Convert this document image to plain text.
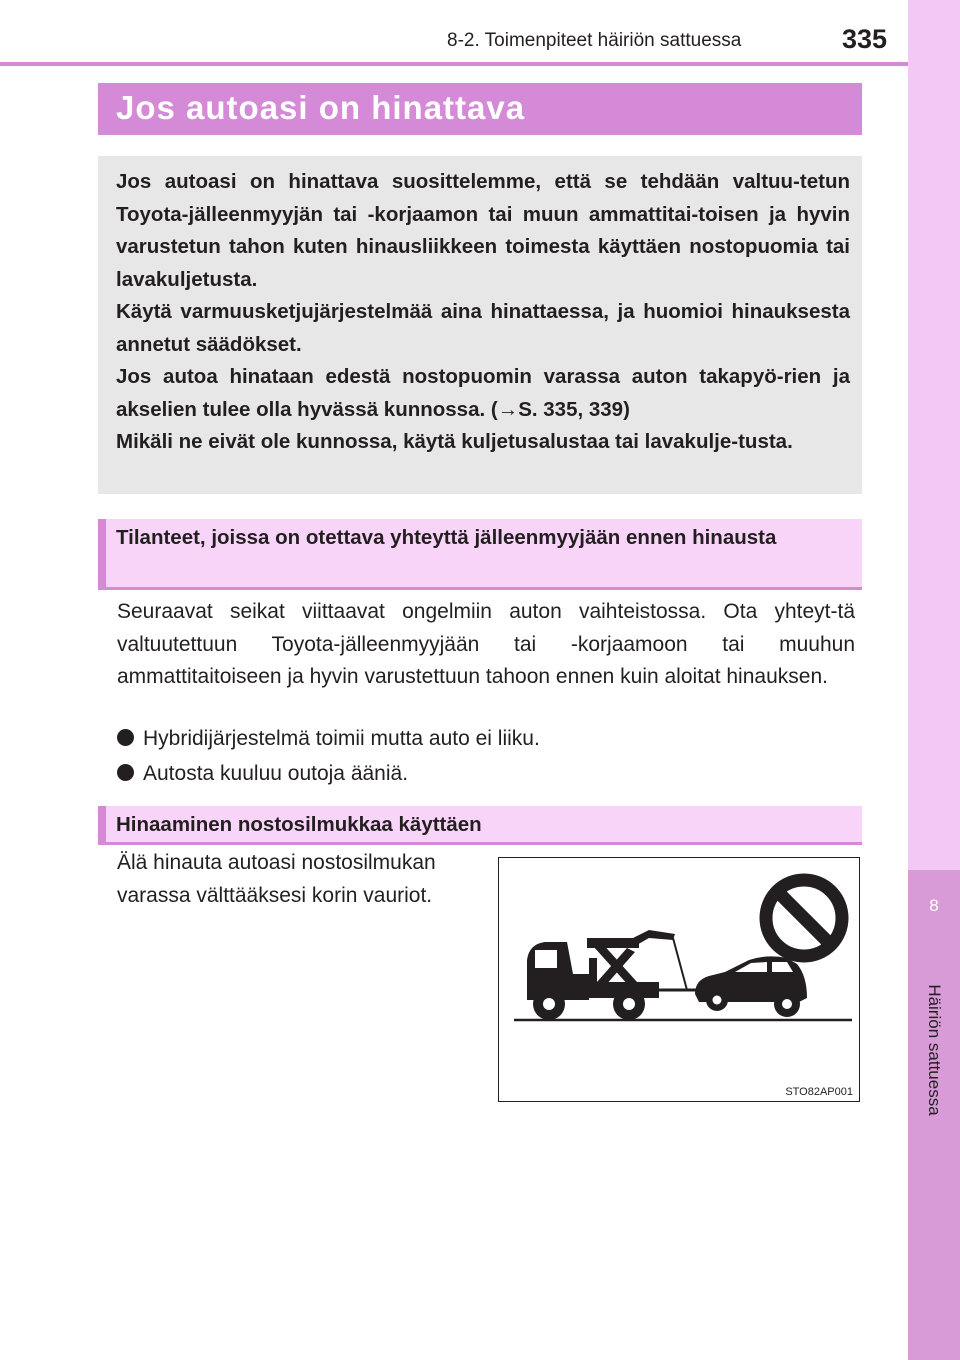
8-2. Toimenpiteet häiriön sattuessa	335
8
Häiriön sattuessa
Jos autoasi on hinattava

Jos autoasi on hinattava suosittelemme, että se tehdään valtuu-tetun Toyota-jälleenmyyjän tai -korjaamon tai muun ammattitai-toisen ja hyvin varustetun tahon kuten hinausliikkeen toimesta käyttäen nostopuomia tai lavakuljetusta.

Käytä varmuusketjujärjestelmää aina hinattaessa, ja huomioi hinauksesta annetut säädökset.

Jos autoa hinataan edestä nostopuomin varassa auton takapyö-rien ja akselien tulee olla hyvässä kunnossa. (→S. 335, 339)

Mikäli ne eivät ole kunnossa, käytä kuljetusalustaa tai lavakulje-tusta.

Tilanteet, joissa on otettava yhteyttä jälleenmyyjään ennen hinausta
Seuraavat seikat viittaavat ongelmiin auton vaihteistossa. Ota yhteyt-tä valtuutettuun Toyota-jälleenmyyjään tai -korjaamoon tai muuhun ammattitaitoiseen ja hyvin varustettuun tahoon ennen kuin aloitat hinauksen.
Hybridijärjestelmä toimii mutta auto ei liiku.
Autosta kuuluu outoja ääniä.
Hinaaminen nostosilmukkaa käyttäen
Älä hinauta autoasi nostosilmukan varassa välttääksesi korin vauriot.
STO82AP001
